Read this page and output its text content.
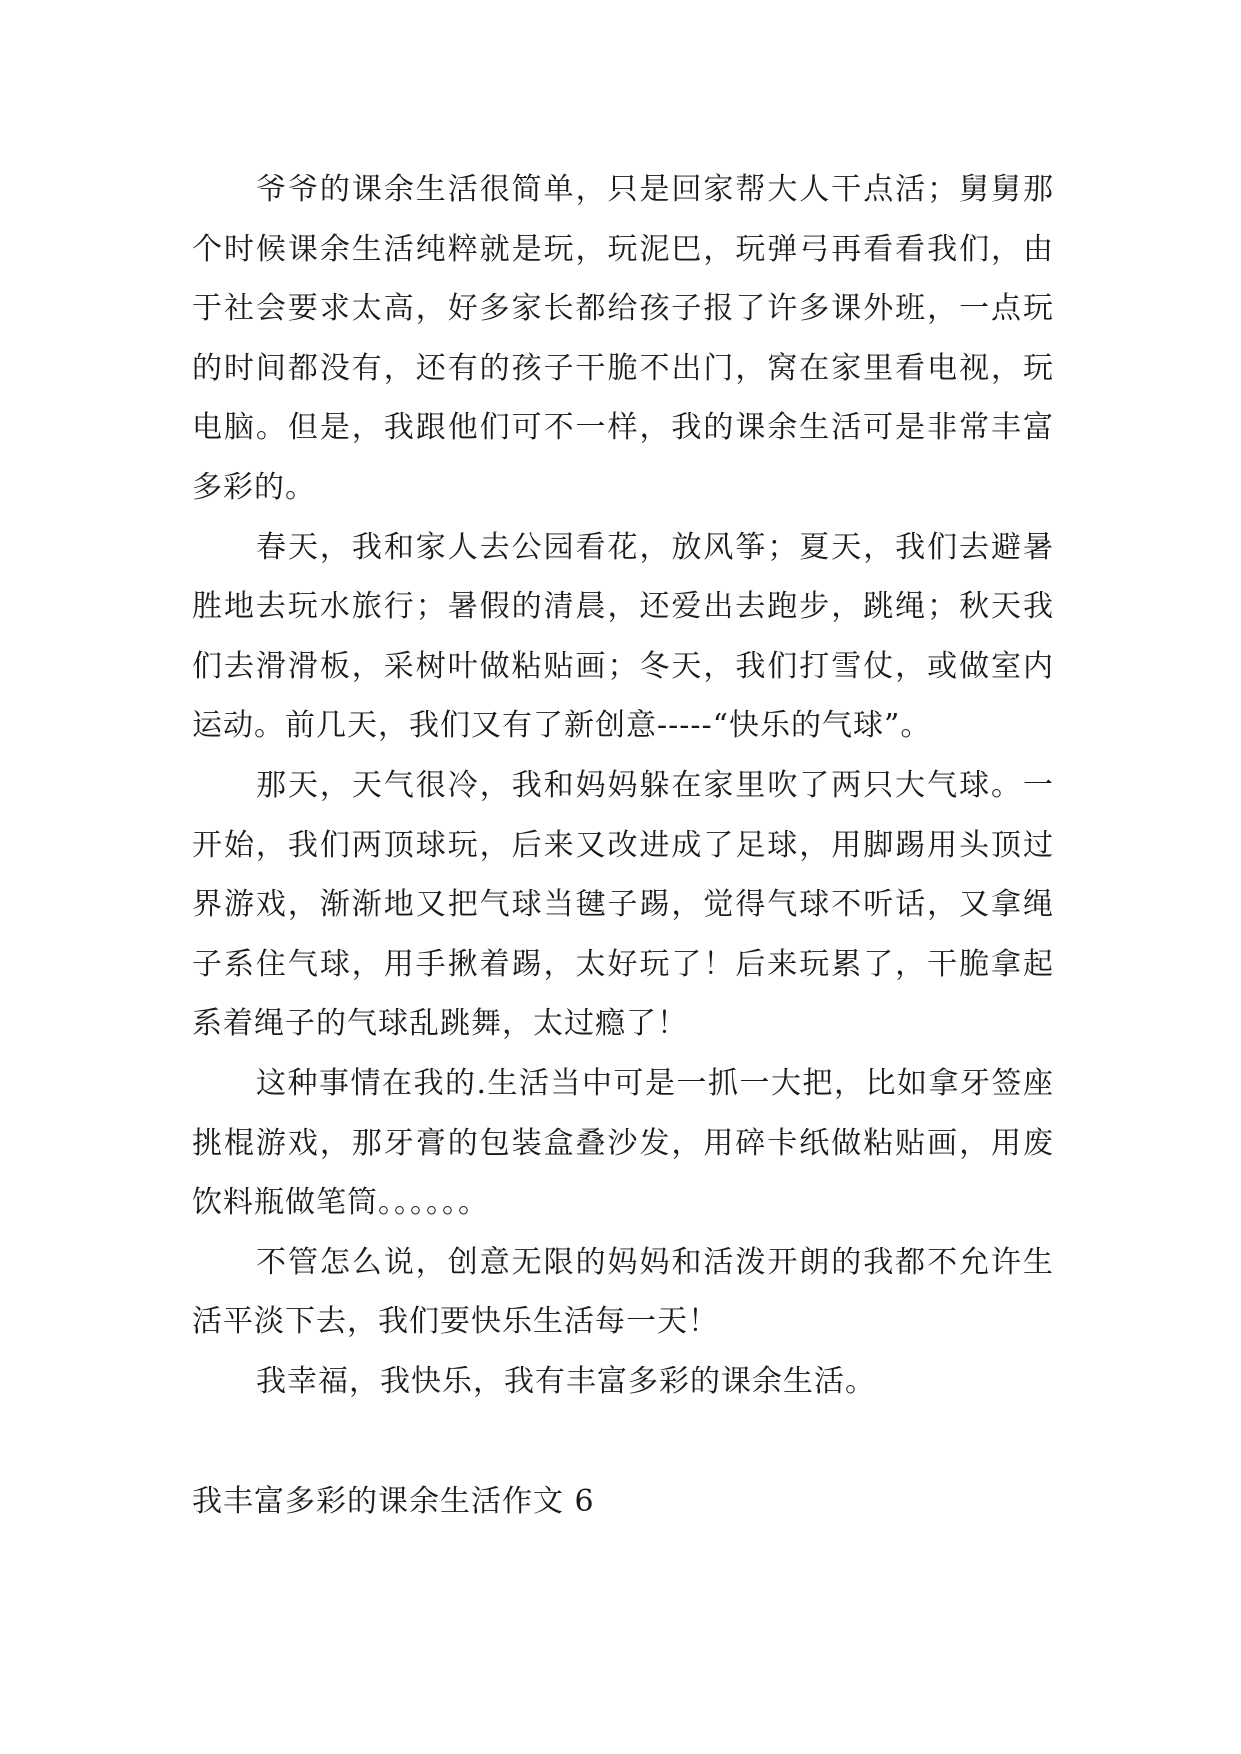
爷爷的课余生活很简单，只是回家帮大人干点活；舅舅那个时候课余生活纯粹就是玩，玩泥巴，玩弹弓再看看我们，由于社会要求太高，好多家长都给孩子报了许多课外班，一点玩的时间都没有，还有的孩子干脆不出门，窝在家里看电视，玩电脑。但是，我跟他们可不一样，我的课余生活可是非常丰富多彩的。

春天，我和家人去公园看花，放风筝；夏天，我们去避暑胜地去玩水旅行；暑假的清晨，还爱出去跑步，跳绳；秋天我们去滑滑板，采树叶做粘贴画；冬天，我们打雪仗，或做室内运动。前几天，我们又有了新创意-----“快乐的气球”。

那天，天气很冷，我和妈妈躲在家里吹了两只大气球。一开始，我们两顶球玩，后来又改进成了足球，用脚踢用头顶过界游戏，渐渐地又把气球当毽子踢，觉得气球不听话，又拿绳子系住气球，用手揪着踢，太好玩了！后来玩累了，干脆拿起系着绳子的气球乱跳舞，太过瘾了！

这种事情在我的.生活当中可是一抓一大把，比如拿牙签座挑棍游戏，那牙膏的包装盒叠沙发，用碎卡纸做粘贴画，用废饮料瓶做笔筒。。。。。。

不管怎么说，创意无限的妈妈和活泼开朗的我都不允许生活平淡下去，我们要快乐生活每一天！

我幸福，我快乐，我有丰富多彩的课余生活。

我丰富多彩的课余生活作文 6
